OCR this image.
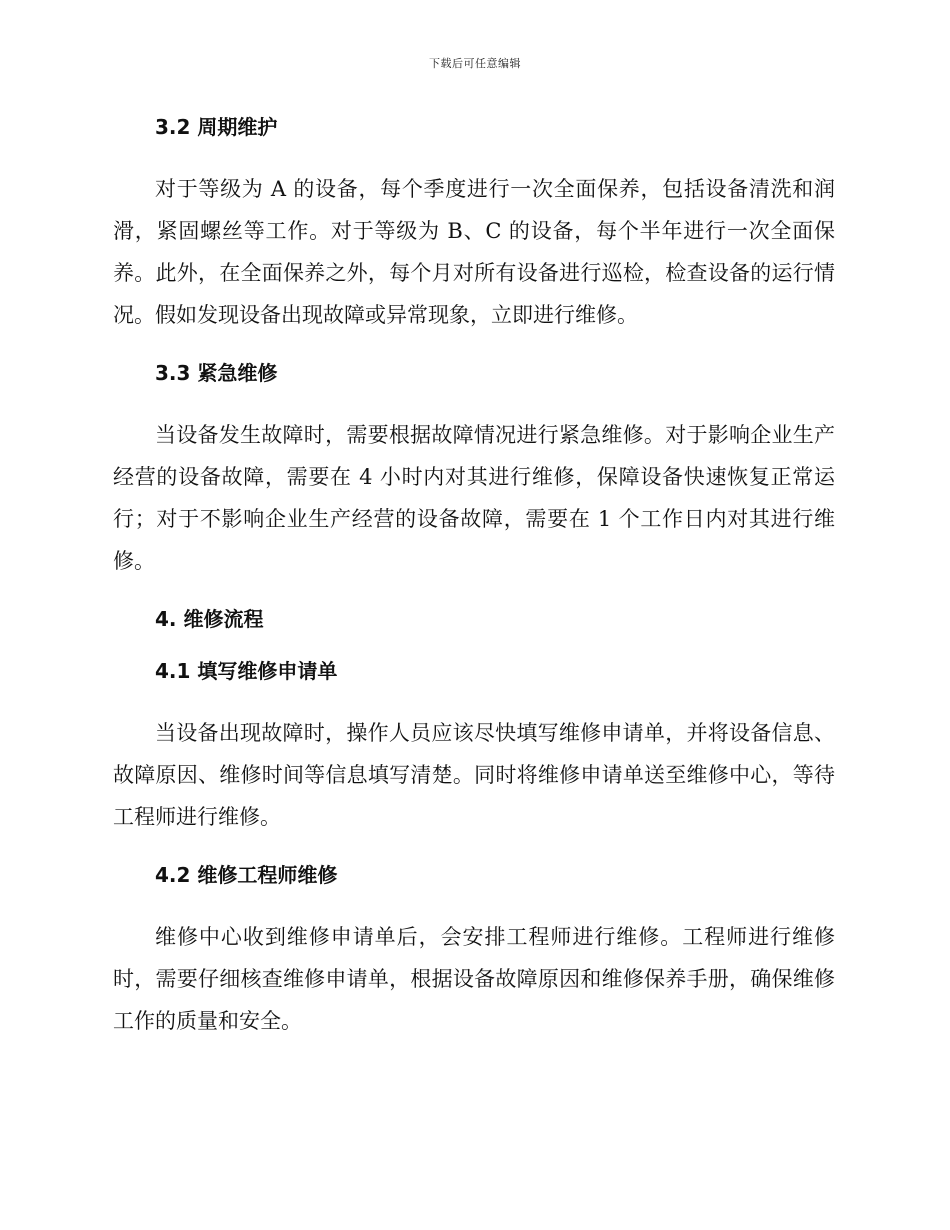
下载后可任意编辑
3.2 周期维护

对于等级为 A 的设备，每个季度进行一次全面保养，包括设备清洗和润滑，紧固螺丝等工作。对于等级为 B、C 的设备，每个半年进行一次全面保养。此外，在全面保养之外，每个月对所有设备进行巡检，检查设备的运行情况。假如发现设备出现故障或异常现象，立即进行维修。

3.3 紧急维修

当设备发生故障时，需要根据故障情况进行紧急维修。对于影响企业生产经营的设备故障，需要在 4 小时内对其进行维修，保障设备快速恢复正常运行；对于不影响企业生产经营的设备故障，需要在 1 个工作日内对其进行维修。

4. 维修流程
4.1 填写维修申请单

当设备出现故障时，操作人员应该尽快填写维修申请单，并将设备信息、故障原因、维修时间等信息填写清楚。同时将维修申请单送至维修中心，等待工程师进行维修。

4.2 维修工程师维修

维修中心收到维修申请单后，会安排工程师进行维修。工程师进行维修时，需要仔细核查维修申请单，根据设备故障原因和维修保养手册，确保维修工作的质量和安全。
